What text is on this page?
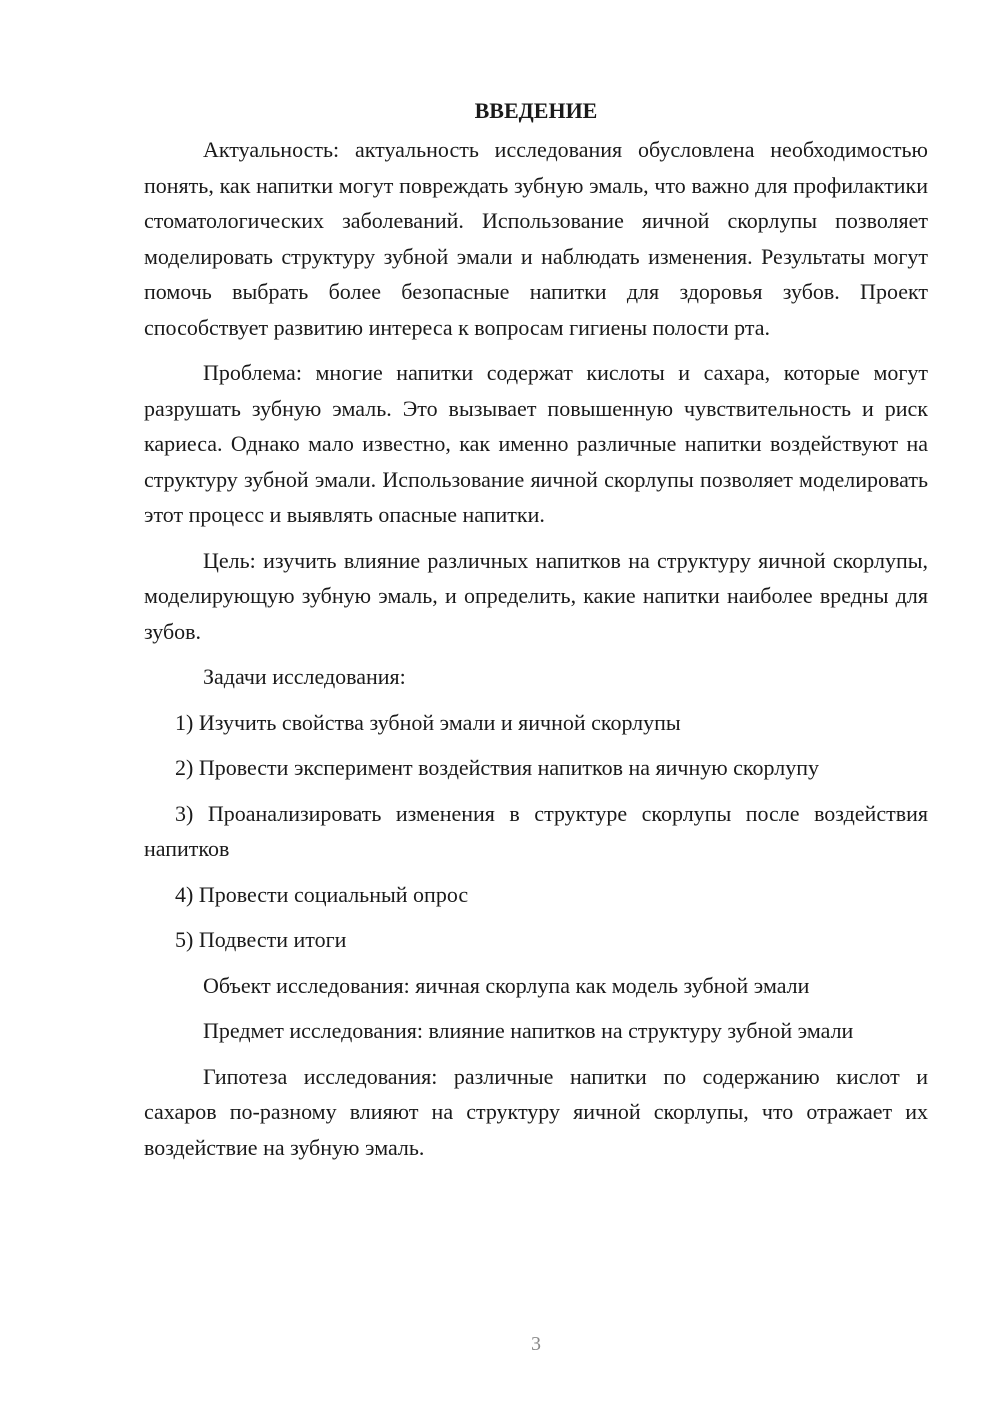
ВВЕДЕНИЕ

Актуальность: актуальность исследования обусловлена необходимостью понять, как напитки могут повреждать зубную эмаль, что важно для профилактики стоматологических заболеваний. Использование яичной скорлупы позволяет моделировать структуру зубной эмали и наблюдать изменения. Результаты могут помочь выбрать более безопасные напитки для здоровья зубов. Проект способствует развитию интереса к вопросам гигиены полости рта.

Проблема: многие напитки содержат кислоты и сахара, которые могут разрушать зубную эмаль. Это вызывает повышенную чувствительность и риск кариеса. Однако мало известно, как именно различные напитки воздействуют на структуру зубной эмали. Использование яичной скорлупы позволяет моделировать этот процесс и выявлять опасные напитки.

Цель: изучить влияние различных напитков на структуру яичной скорлупы, моделирующую зубную эмаль, и определить, какие напитки наиболее вредны для зубов.

Задачи исследования:

1) Изучить свойства зубной эмали и яичной скорлупы

2) Провести эксперимент воздействия напитков на яичную скорлупу

3) Проанализировать изменения в структуре скорлупы после воздействия напитков

4) Провести социальный опрос

5) Подвести итоги

Объект исследования: яичная скорлупа как модель зубной эмали

Предмет исследования: влияние напитков на структуру зубной эмали

Гипотеза исследования: различные напитки по содержанию кислот и сахаров по-разному влияют на структуру яичной скорлупы, что отражает их воздействие на зубную эмаль.

3
